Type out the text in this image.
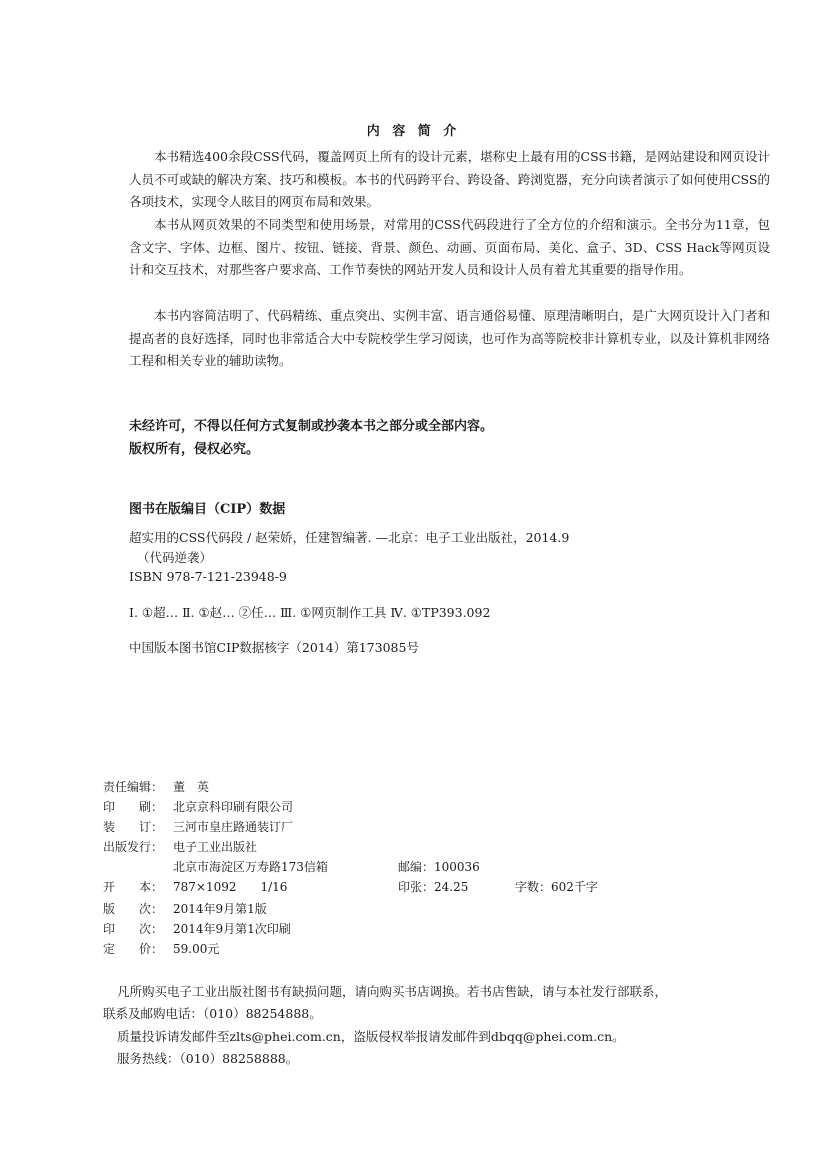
内 容 简 介

本书精选400余段CSS代码，覆盖网页上所有的设计元素，堪称史上最有用的CSS书籍，是网站建设和网页设计人员不可或缺的解决方案、技巧和模板。本书的代码跨平台、跨设备、跨浏览器，充分向读者演示了如何使用CSS的各项技术，实现令人眩目的网页布局和效果。

本书从网页效果的不同类型和使用场景，对常用的CSS代码段进行了全方位的介绍和演示。全书分为11章，包含文字、字体、边框、图片、按钮、链接、背景、颜色、动画、页面布局、美化、盒子、3D、CSS Hack等网页设计和交互技术，对那些客户要求高、工作节奏快的网站开发人员和设计人员有着尤其重要的指导作用。

本书内容简洁明了、代码精练、重点突出、实例丰富、语言通俗易懂、原理清晰明白，是广大网页设计入门者和提高者的良好选择，同时也非常适合大中专院校学生学习阅读，也可作为高等院校非计算机专业，以及计算机非网络工程和相关专业的辅助读物。

未经许可，不得以任何方式复制或抄袭本书之部分或全部内容。
版权所有，侵权必究。
图书在版编目（CIP）数据
超实用的CSS代码段 / 赵荣娇，任建智编著. —北京：电子工业出版社，2014.9
（代码逆袭）
ISBN 978-7-121-23948-9
Ⅰ. ①超… Ⅱ. ①赵… ②任… Ⅲ. ①网页制作工具 Ⅳ. ①TP393.092
中国版本图书馆CIP数据核字（2014）第173085号
责任编辑： 董　英
印　　刷： 北京京科印刷有限公司
装　　订： 三河市皇庄路通装订厂
出版发行： 电子工业出版社
北京市海淀区万寿路173信箱	邮编：100036
开　　本： 787×1092　　1/16	印张：24.25	字数：602千字
版　　次： 2014年9月第1版
印　　次： 2014年9月第1次印刷
定　　价： 59.00元
凡所购买电子工业出版社图书有缺损问题，请向购买书店调换。若书店售缺，请与本社发行部联系，
联系及邮购电话：（010）88254888。
质量投诉请发邮件至zlts@phei.com.cn，盗版侵权举报请发邮件到dbqq@phei.com.cn。
服务热线：（010）88258888。
